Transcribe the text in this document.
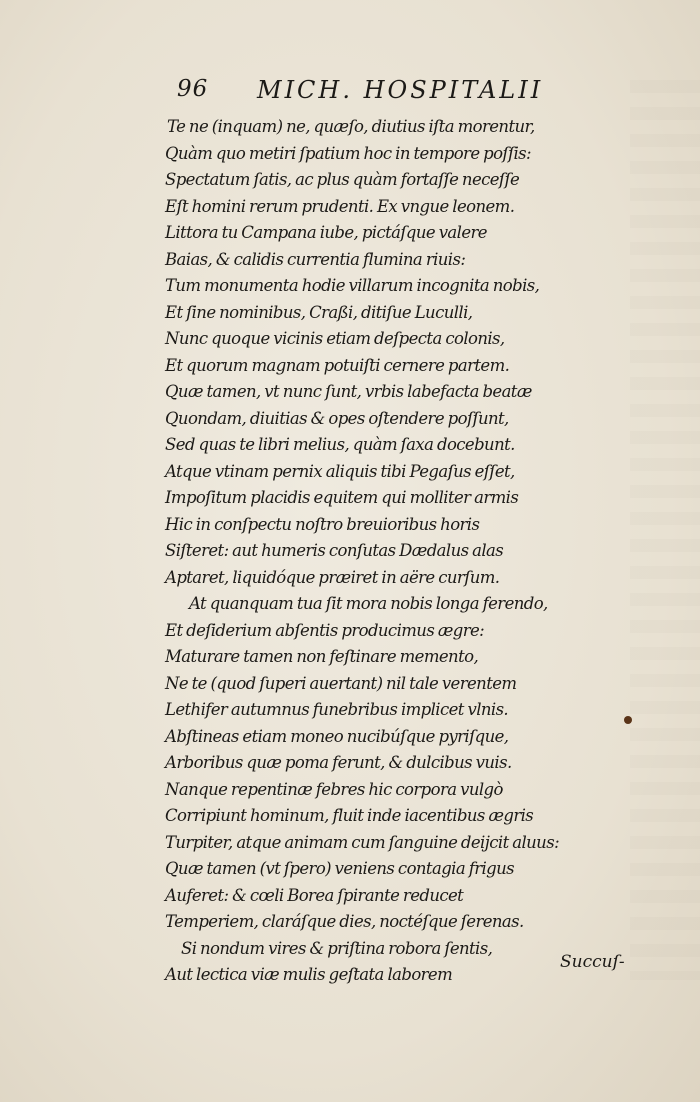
96 MICH. HOSPITALII
Te ne (inquam) ne, quæſo, diutius iſta morentur,
Quàm quo metiri ſpatium hoc in tempore poſſis:
Spectatum ſatis, ac plus quàm fortaſſe neceſſe
Eſt homini rerum prudenti. Ex vngue leonem.
Littora tu Campana iube, pictáſque valere
Baias, & calidis currentia flumina riuis:
Tum monumenta hodie villarum incognita nobis,
Et ſine nominibus, Craßi, ditiſue Luculli,
Nunc quoque vicinis etiam deſpecta colonis,
Et quorum magnam potuiſti cernere partem.
Quæ tamen, vt nunc ſunt, vrbis labefacta beatæ
Quondam, diuitias & opes oſtendere poſſunt,
Sed quas te libri melius, quàm ſaxa docebunt.
Atque vtinam pernix aliquis tibi Pegaſus eſſet,
Impoſitum placidis equitem qui molliter armis
Hic in conſpectu noſtro breuioribus horis
Siſteret: aut humeris conſutas Dædalus alas
Aptaret, liquidóque præiret in aëre curſum.
At quanquam tua ſit mora nobis longa ferendo,
Et deſiderium abſentis producimus ægre:
Maturare tamen non feſtinare memento,
Ne te (quod ſuperi auertant) nil tale verentem
Lethifer autumnus funebribus implicet vlnis.
Abſtineas etiam moneo nucibúſque pyriſque,
Arboribus quæ poma ferunt, & dulcibus vuis.
Nanque repentinæ febres hic corpora vulgò
Corripiunt hominum, fluit inde iacentibus ægris
Turpiter, atque animam cum ſanguine deijcit aluus:
Quæ tamen (vt ſpero) veniens contagia frigus
Auferet: & cœli Borea ſpirante reducet
Temperiem, claráſque dies, noctéſque ſerenas.
Si nondum vires & priſtina robora ſentis,
Aut lectica viæ mulis geſtata laborem
Succuſ-
